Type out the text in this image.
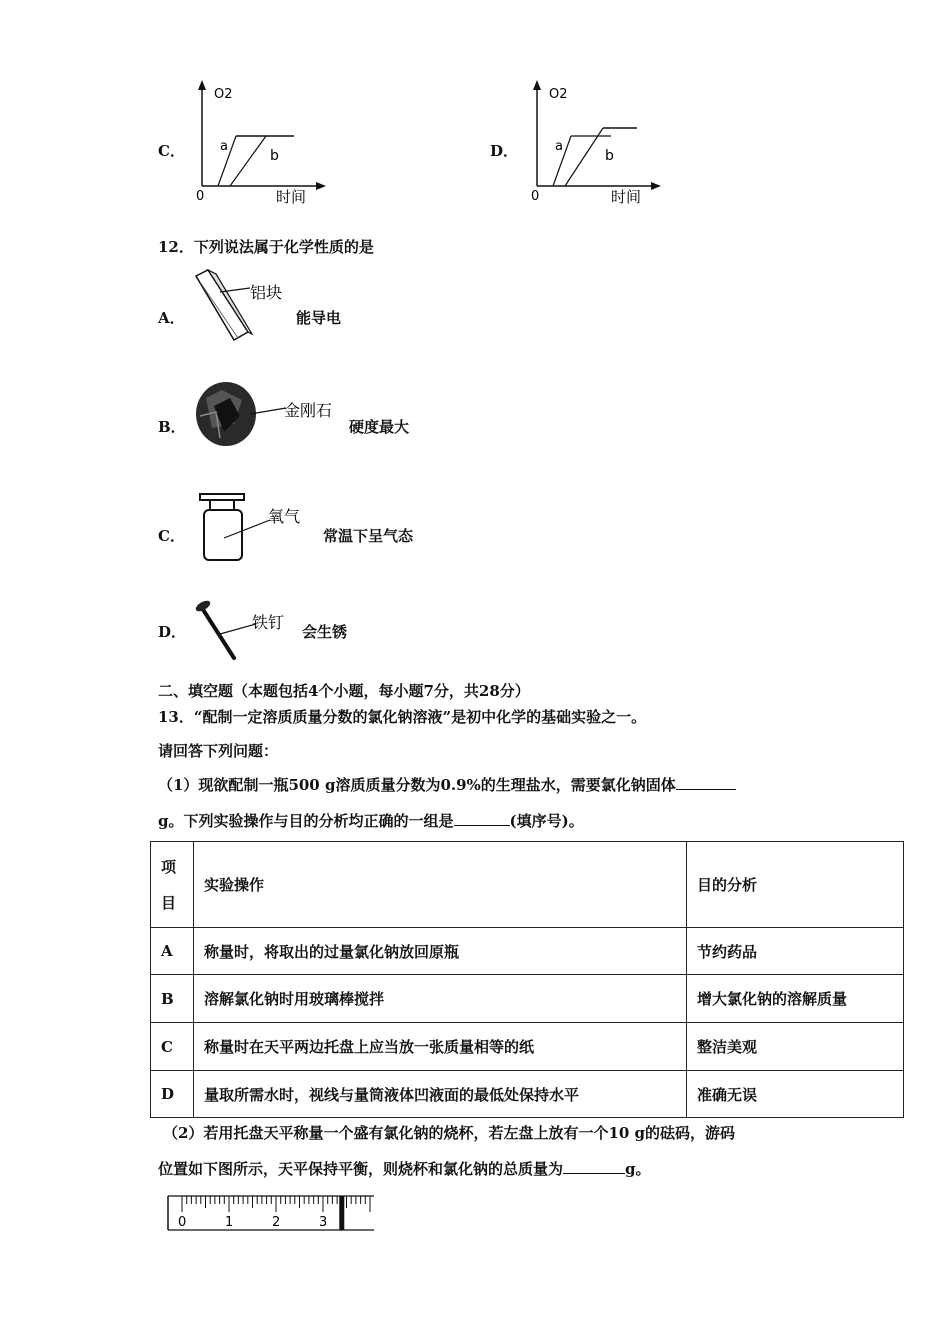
C．
O2
0	时间
a
b	D．
O2
0	时间
a
b
12．下列说法属于化学性质的是
A．
铝块
能导电
B．
金刚石
硬度最大
C．
氧气
常温下呈气态
D．	铁钉 会生锈
二、填空题（本题包括4个小题，每小题7分，共28分）
13．“配制一定溶质质量分数的氯化钠溶液”是初中化学的基础实验之一。
请回答下列问题：
（1）现欲配制一瓶500 g溶质质量分数为0.9%的生理盐水，需要氯化钠固体
g。下列实验操作与目的分析均正确的一组是	(填序号)。
项目	实验操作	目的分析
A	称量时，将取出的过量氯化钠放回原瓶	节约药品
B	溶解氯化钠时用玻璃棒搅拌	增大氯化钠的溶解质量
C	称量时在天平两边托盘上应当放一张质量相等的纸	整洁美观
D	量取所需水时，视线与量筒液体凹液面的最低处保持水平	准确无误
（2）若用托盘天平称量一个盛有氯化钠的烧杯，若左盘上放有一个10 g的砝码，游码
位置如下图所示，天平保持平衡，则烧杯和氯化钠的总质量为	g。
0	1	2	3
